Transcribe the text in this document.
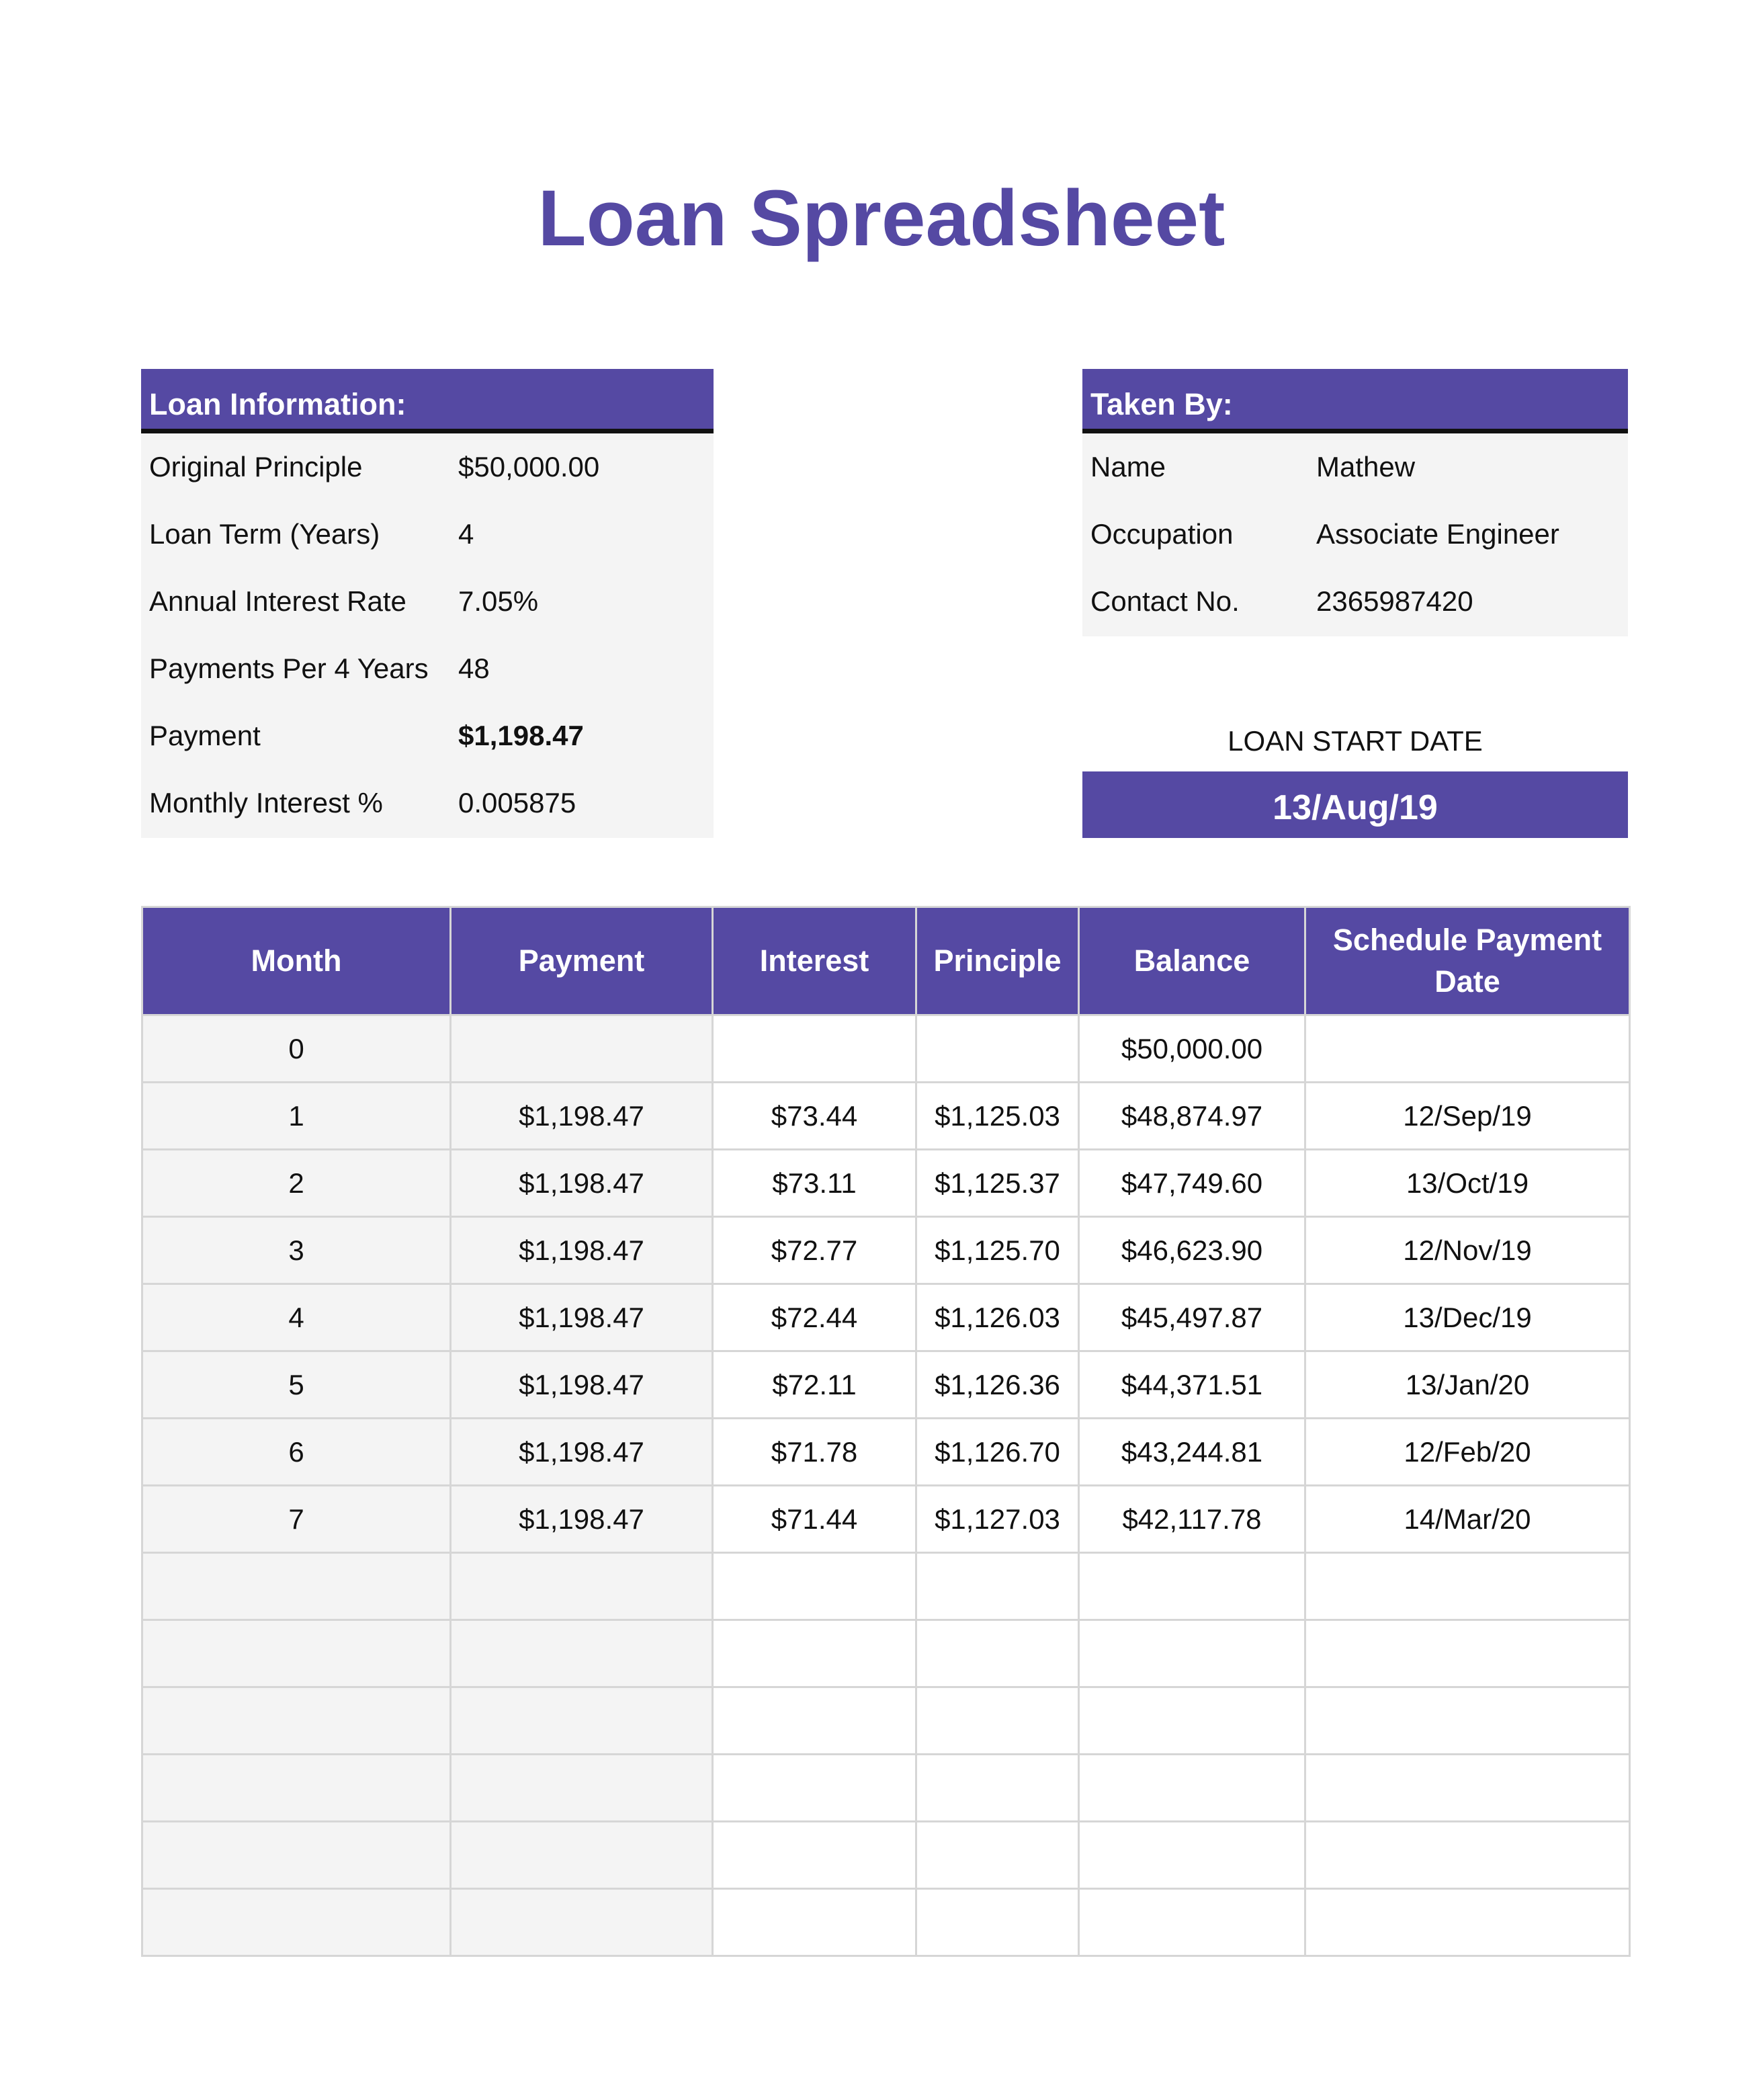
Loan Spreadsheet
Loan Information:
Original Principle	$50,000.00
Loan Term (Years)	4
Annual Interest Rate 7.05%
Payments Per 4 Years 48
Payment	$1,198.47
Monthly Interest %	0.005875
Taken By:
Name	Mathew
Occupation	Associate Engineer
Contact No.	2365987420
LOAN START DATE
13/Aug/19
Month	Payment	Interest	Principle	Balance	Schedule Payment Date
0				$50,000.00	
1	$1,198.47	$73.44	$1,125.03	$48,874.97	12/Sep/19
2	$1,198.47	$73.11	$1,125.37	$47,749.60	13/Oct/19
3	$1,198.47	$72.77	$1,125.70	$46,623.90	12/Nov/19
4	$1,198.47	$72.44	$1,126.03	$45,497.87	13/Dec/19
5	$1,198.47	$72.11	$1,126.36	$44,371.51	13/Jan/20
6	$1,198.47	$71.78	$1,126.70	$43,244.81	12/Feb/20
7	$1,198.47	$71.44	$1,127.03	$42,117.78	14/Mar/20
